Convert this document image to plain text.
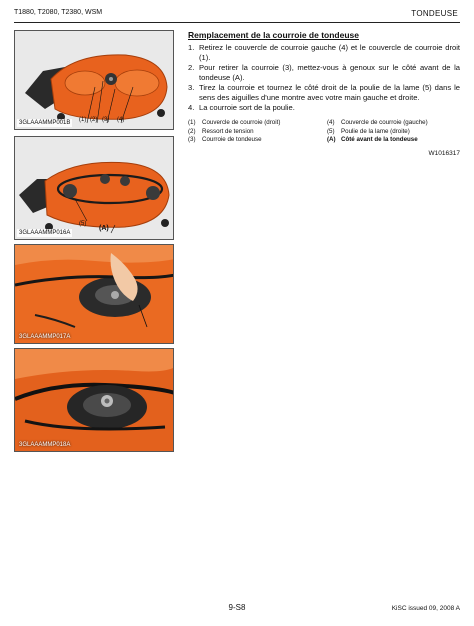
T1880, T2080, T2380, WSM	TONDEUSE
(1) (2) (3) (4)
3GLAAAMMP001B
(5)
(A)
3GLAAAMMP016A
3GLAAAMMP017A
3GLAAAMMP018A
Remplacement de la courroie de tondeuse
1. Retirez le couvercle de courroie gauche (4) et le couvercle de courroie droit (1).
2. Pour retirer la courroie (3), mettez-vous à genoux sur le côté avant de la tondeuse (A).
3. Tirez la courroie et tournez le côté droit de la poulie de la lame (5) dans le sens des aiguilles d'une montre avec votre main gauche et droite.
4. La courroie sort de la poulie.
(1)	Couvercle de courroie (droit)	(4)	Couvercle de courroie (gauche)
(2)	Ressort de tension	(5)	Poulie de la lame (droite)
(3)	Courroie de tondeuse	(A) Côté avant de la tondeuse
W1016317
9-S8	KiSC issued 09, 2008 A
